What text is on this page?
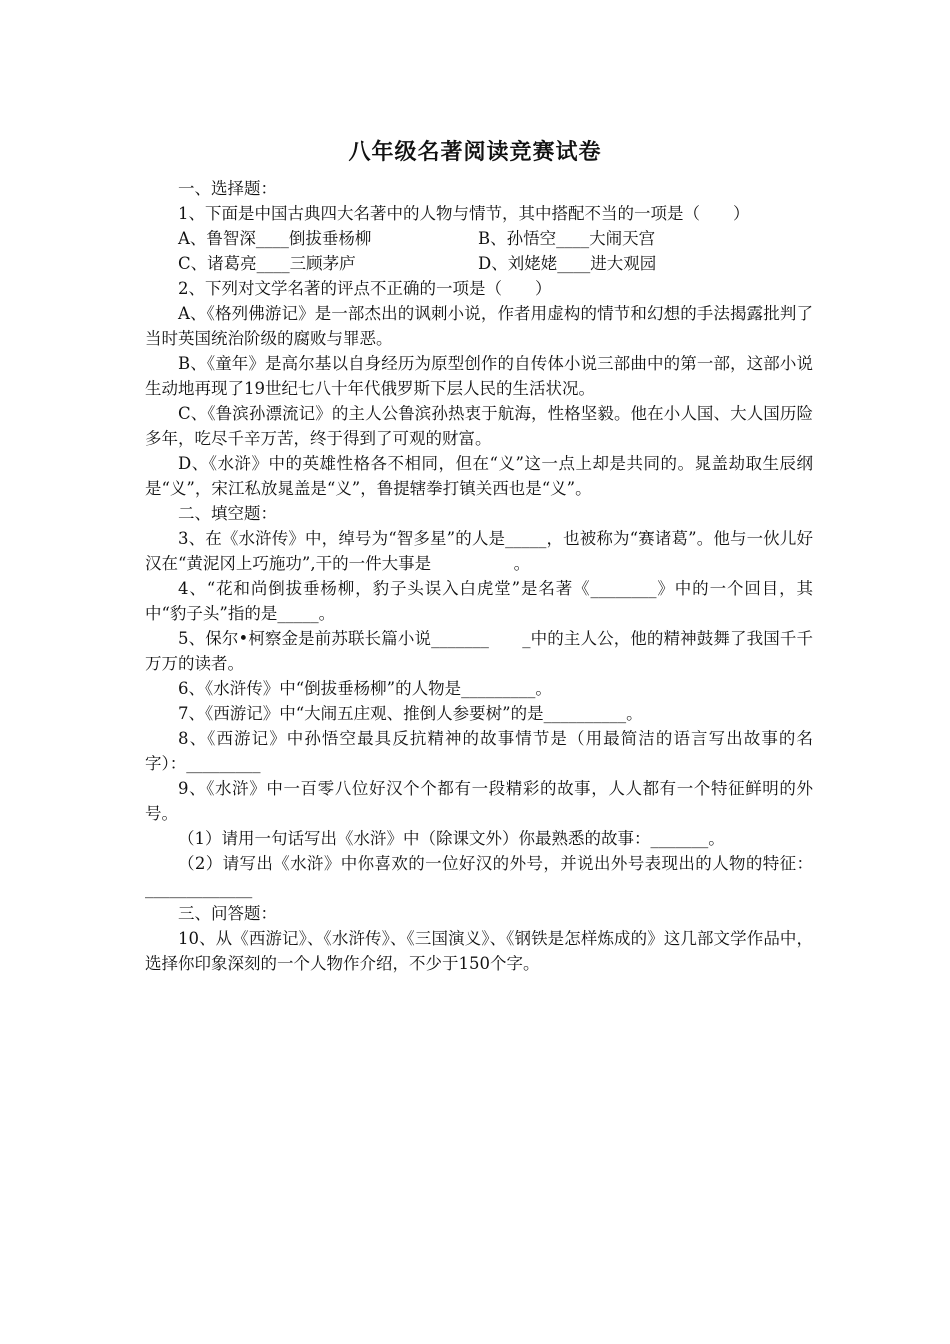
八年级名著阅读竞赛试卷

一、选择题：

1、下面是中国古典四大名著中的人物与情节，其中搭配不当的一项是（　　）

A、鲁智深____倒拔垂杨柳	B、孙悟空____大闹天宫

C、诸葛亮____三顾茅庐	D、刘姥姥____进大观园

2、下列对文学名著的评点不正确的一项是（　　）

A、《格列佛游记》是一部杰出的讽刺小说，作者用虚构的情节和幻想的手法揭露批判了当时英国统治阶级的腐败与罪恶。

B、《童年》是高尔基以自身经历为原型创作的自传体小说三部曲中的第一部，这部小说生动地再现了19世纪七八十年代俄罗斯下层人民的生活状况。

C、《鲁滨孙漂流记》的主人公鲁滨孙热衷于航海，性格坚毅。他在小人国、大人国历险多年，吃尽千辛万苦，终于得到了可观的财富。

D、《水浒》中的英雄性格各不相同，但在“义”这一点上却是共同的。晁盖劫取生辰纲是“义”，宋江私放晁盖是“义”，鲁提辖拳打镇关西也是“义”。

二、填空题：

3、在《水浒传》中，绰号为“智多星”的人是_____，也被称为“赛诸葛”。他与一伙儿好汉在“黄泥冈上巧施功”,干的一件大事是　　　　　。

4、“花和尚倒拔垂杨柳，豹子头误入白虎堂”是名著《________》中的一个回目，其中“豹子头”指的是_____。

5、保尔•柯察金是前苏联长篇小说_______　　_中的主人公，他的精神鼓舞了我国千千万万的读者。

6、《水浒传》中“倒拔垂杨柳”的人物是_________。

7、《西游记》中“大闹五庄观、推倒人参要树”的是__________。

8、《西游记》中孙悟空最具反抗精神的故事情节是（用最简洁的语言写出故事的名字）：_________

9、《水浒》中一百零八位好汉个个都有一段精彩的故事，人人都有一个特征鲜明的外号。

（1）请用一句话写出《水浒》中（除课文外）你最熟悉的故事：_______。

（2）请写出《水浒》中你喜欢的一位好汉的外号，并说出外号表现出的人物的特征：_____________

三、问答题：

10、从《西游记》、《水浒传》、《三国演义》、《钢铁是怎样炼成的》这几部文学作品中，选择你印象深刻的一个人物作介绍，不少于150个字。
